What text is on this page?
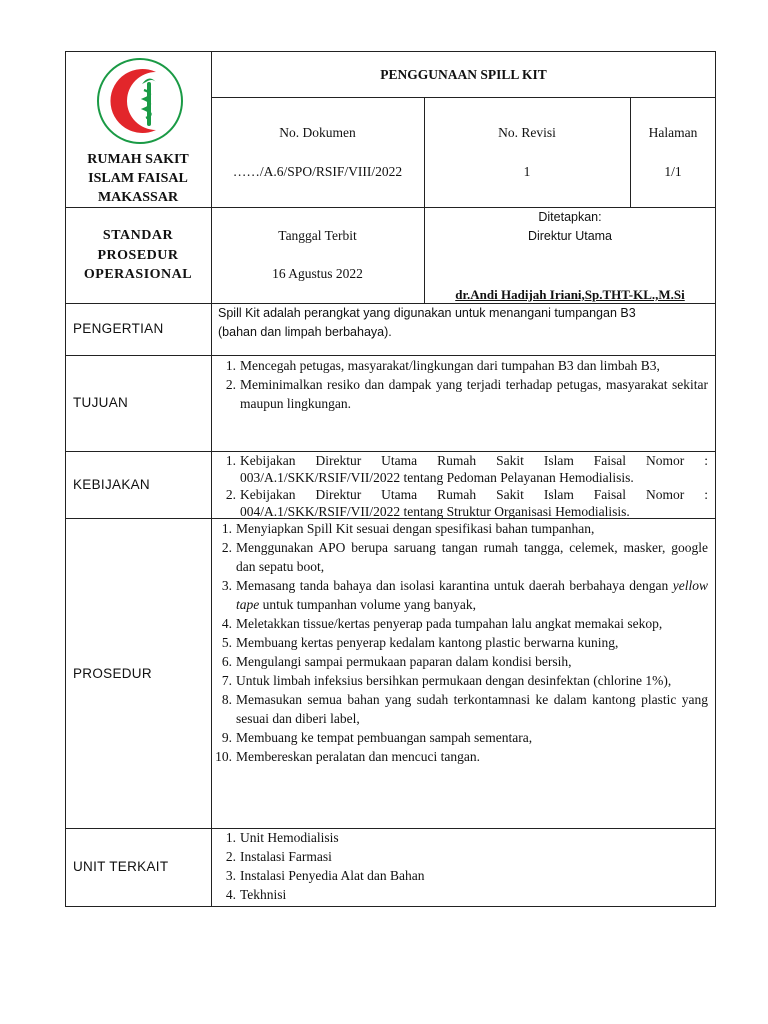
RUMAH SAKIT
ISLAM FAISAL
MAKASSAR
PENGGUNAAN SPILL KIT
No. Dokumen
……/A.6/SPO/RSIF/VIII/2022
No. Revisi
1
Halaman
1/1
STANDAR
PROSEDUR
OPERASIONAL
Tanggal Terbit
16 Agustus 2022
Ditetapkan:
Direktur Utama
dr.Andi Hadijah Iriani,Sp.THT-KL.,M.Si
PENGERTIAN
TUJUAN
KEBIJAKAN
PROSEDUR
UNIT TERKAIT
Spill Kit adalah perangkat yang digunakan untuk menangani tumpangan B3
(bahan dan limpah berbahaya).
1. Mencegah petugas, masyarakat/lingkungan dari tumpahan B3 dan limbah B3,
2. Meminimalkan resiko dan dampak yang terjadi terhadap petugas, masyarakat sekitar maupun lingkungan.
1. Kebijakan Direktur Utama Rumah Sakit Islam Faisal Nomor : 003/A.1/SKK/RSIF/VII/2022 tentang Pedoman Pelayanan Hemodialisis.
2. Kebijakan Direktur Utama Rumah Sakit Islam Faisal Nomor : 004/A.1/SKK/RSIF/VII/2022 tentang Struktur Organisasi Hemodialisis.
1. Menyiapkan Spill Kit sesuai dengan spesifikasi bahan tumpanhan,
2. Menggunakan APO berupa saruang tangan rumah tangga, celemek, masker, google dan sepatu boot,
3. Memasang tanda bahaya dan isolasi karantina untuk daerah berbahaya dengan yellow tape untuk tumpanhan volume yang banyak,
4. Meletakkan tissue/kertas penyerap pada tumpahan lalu angkat memakai sekop,
5. Membuang kertas penyerap kedalam kantong plastic berwarna kuning,
6. Mengulangi sampai permukaan paparan dalam kondisi bersih,
7. Untuk limbah infeksius bersihkan permukaan dengan desinfektan (chlorine 1%),
8. Memasukan semua bahan yang sudah terkontamnasi ke dalam kantong plastic yang sesuai dan diberi label,
9. Membuang ke tempat pembuangan sampah sementara,
10. Membereskan peralatan dan mencuci tangan.
1. Unit Hemodialisis
2. Instalasi Farmasi
3. Instalasi Penyedia Alat dan Bahan
4. Tekhnisi
